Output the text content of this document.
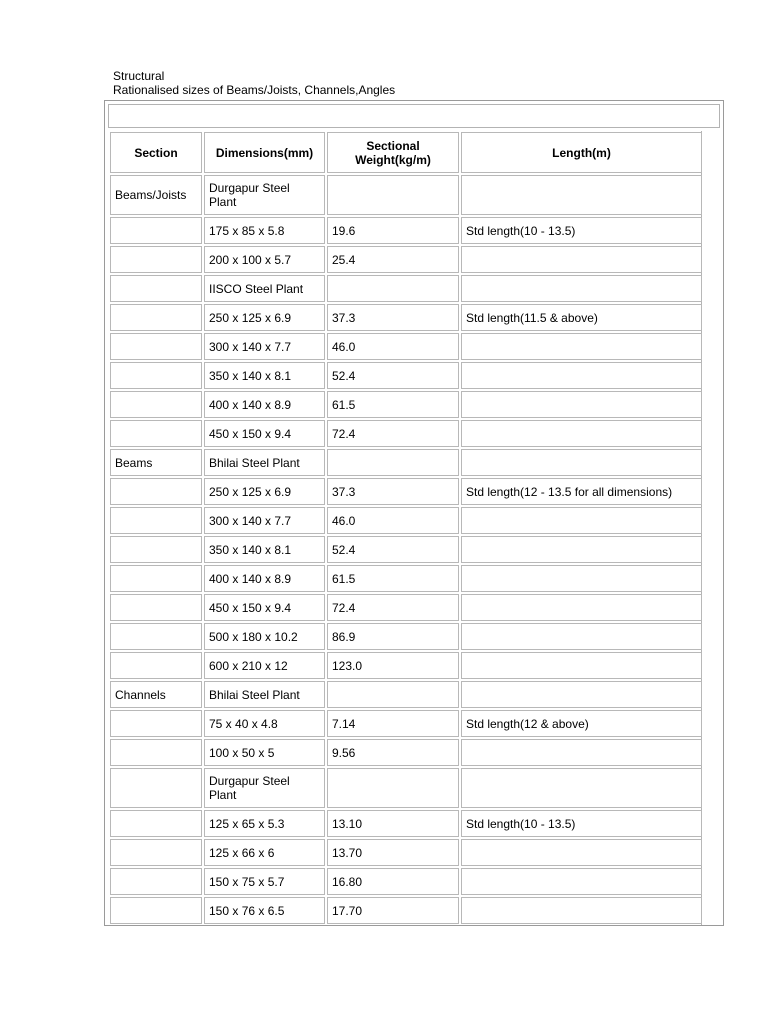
Structural
Rationalised sizes of Beams/Joists, Channels,Angles
Section	Dimensions(mm)	Sectional Weight(kg/m)	Length(m)
Beams/Joists	Durgapur Steel Plant		
	175 x 85 x 5.8	19.6	Std length(10 - 13.5)
	200 x 100 x 5.7	25.4	
	IISCO Steel Plant		
	250 x 125 x 6.9	37.3	Std length(11.5 & above)
	300 x 140 x 7.7	46.0	
	350 x 140 x 8.1	52.4	
	400 x 140 x 8.9	61.5	
	450 x 150 x 9.4	72.4	
Beams	Bhilai Steel Plant		
	250 x 125 x 6.9	37.3	Std length(12 - 13.5 for all dimensions)
	300 x 140 x 7.7	46.0	
	350 x 140 x 8.1	52.4	
	400 x 140 x 8.9	61.5	
	450 x 150 x 9.4	72.4	
	500 x 180 x 10.2	86.9	
	600 x 210 x 12	123.0	
Channels	Bhilai Steel Plant		
	75 x 40 x 4.8	7.14	Std length(12 & above)
	100 x 50 x 5	9.56	
	Durgapur Steel Plant		
	125 x 65 x 5.3	13.10	Std length(10 - 13.5)
	125 x 66 x 6	13.70	
	150 x 75 x 5.7	16.80	
	150 x 76 x 6.5	17.70	
